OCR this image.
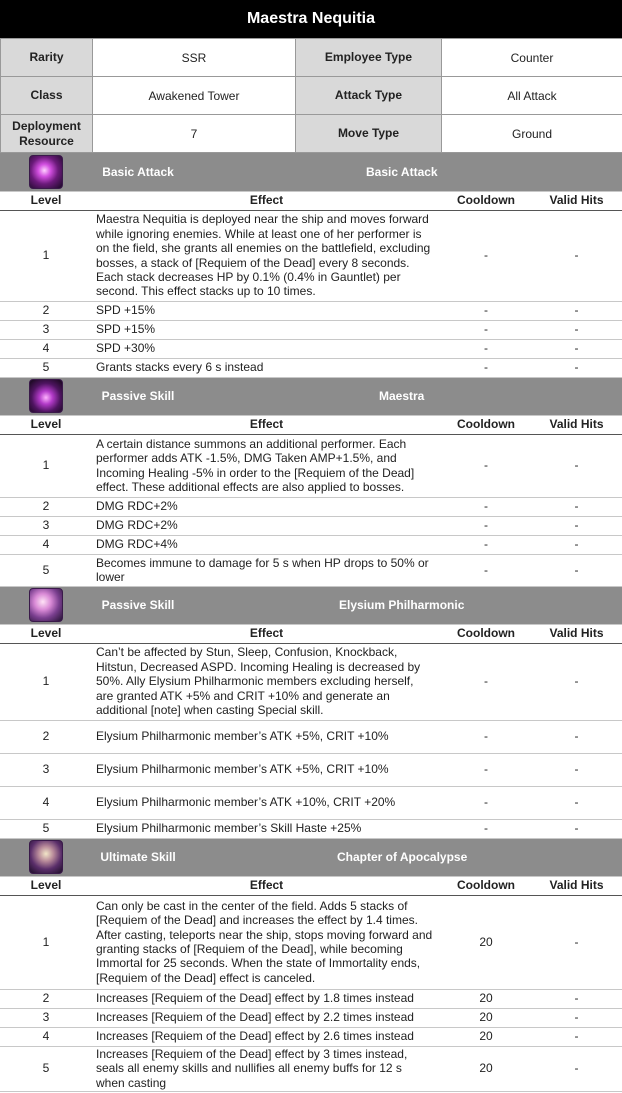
Maestra Nequitia
Rarity	SSR	Employee Type	Counter
Class	Awakened Tower	Attack Type	All Attack
Deployment Resource	7	Move Type	Ground
Basic Attack		Basic Attack	
Level	Effect	Cooldown	Valid Hits
1	Maestra Nequitia is deployed near the ship and moves forward while ignoring enemies. While at least one of her performer is on the field, she grants all enemies on the battlefield, excluding bosses, a stack of [Requiem of the Dead] every 8 seconds. Each stack decreases HP by 0.1% (0.4% in Gauntlet) per second. This effect stacks up to 10 times.	-	-
2	SPD +15%	-	-
3	SPD +15%	-	-
4	SPD +30%	-	-
5	Grants stacks every 6 s instead	-	-

Passive Skill		Maestra	
Level	Effect	Cooldown	Valid Hits
1	A certain distance summons an additional performer. Each performer adds ATK -1.5%, DMG Taken AMP+1.5%, and Incoming Healing -5% in order to the [Requiem of the Dead] effect. These additional effects are also applied to bosses.	-	-
2	DMG RDC+2%	-	-
3	DMG RDC+2%	-	-
4	DMG RDC+4%	-	-
5	Becomes immune to damage for 5 s when HP drops to 50% or lower	-	-

Passive Skill		Elysium Philharmonic	
Level	Effect	Cooldown	Valid Hits
1	Can’t be affected by Stun, Sleep, Confusion, Knockback, Hitstun, Decreased ASPD. Incoming Healing is decreased by 50%. Ally Elysium Philharmonic members excluding herself, are granted ATK +5% and CRIT +10% and generate an additional [note] when casting Special skill.	-	-
2	Elysium Philharmonic member’s ATK +5%, CRIT +10%	-	-
3	Elysium Philharmonic member’s ATK +5%, CRIT +10%	-	-
4	Elysium Philharmonic member’s ATK +10%, CRIT +20%	-	-
5	Elysium Philharmonic member’s Skill Haste +25%	-	-

Ultimate Skill		Chapter of Apocalypse	
Level	Effect	Cooldown	Valid Hits
1	Can only be cast in the center of the field. Adds 5 stacks of [Requiem of the Dead] and increases the effect by 1.4 times. After casting, teleports near the ship, stops moving forward and granting stacks of [Requiem of the Dead], while becoming Immortal for 25 seconds. When the state of Immortality ends, [Requiem of the Dead] effect is canceled.	20	-
2	Increases [Requiem of the Dead] effect by 1.8 times instead	20	-
3	Increases [Requiem of the Dead] effect by 2.2 times instead	20	-
4	Increases [Requiem of the Dead] effect by 2.6 times instead	20	-
5	Increases [Requiem of the Dead] effect by 3 times instead, seals all enemy skills and nullifies all enemy buffs for 12 s when casting	20	-
